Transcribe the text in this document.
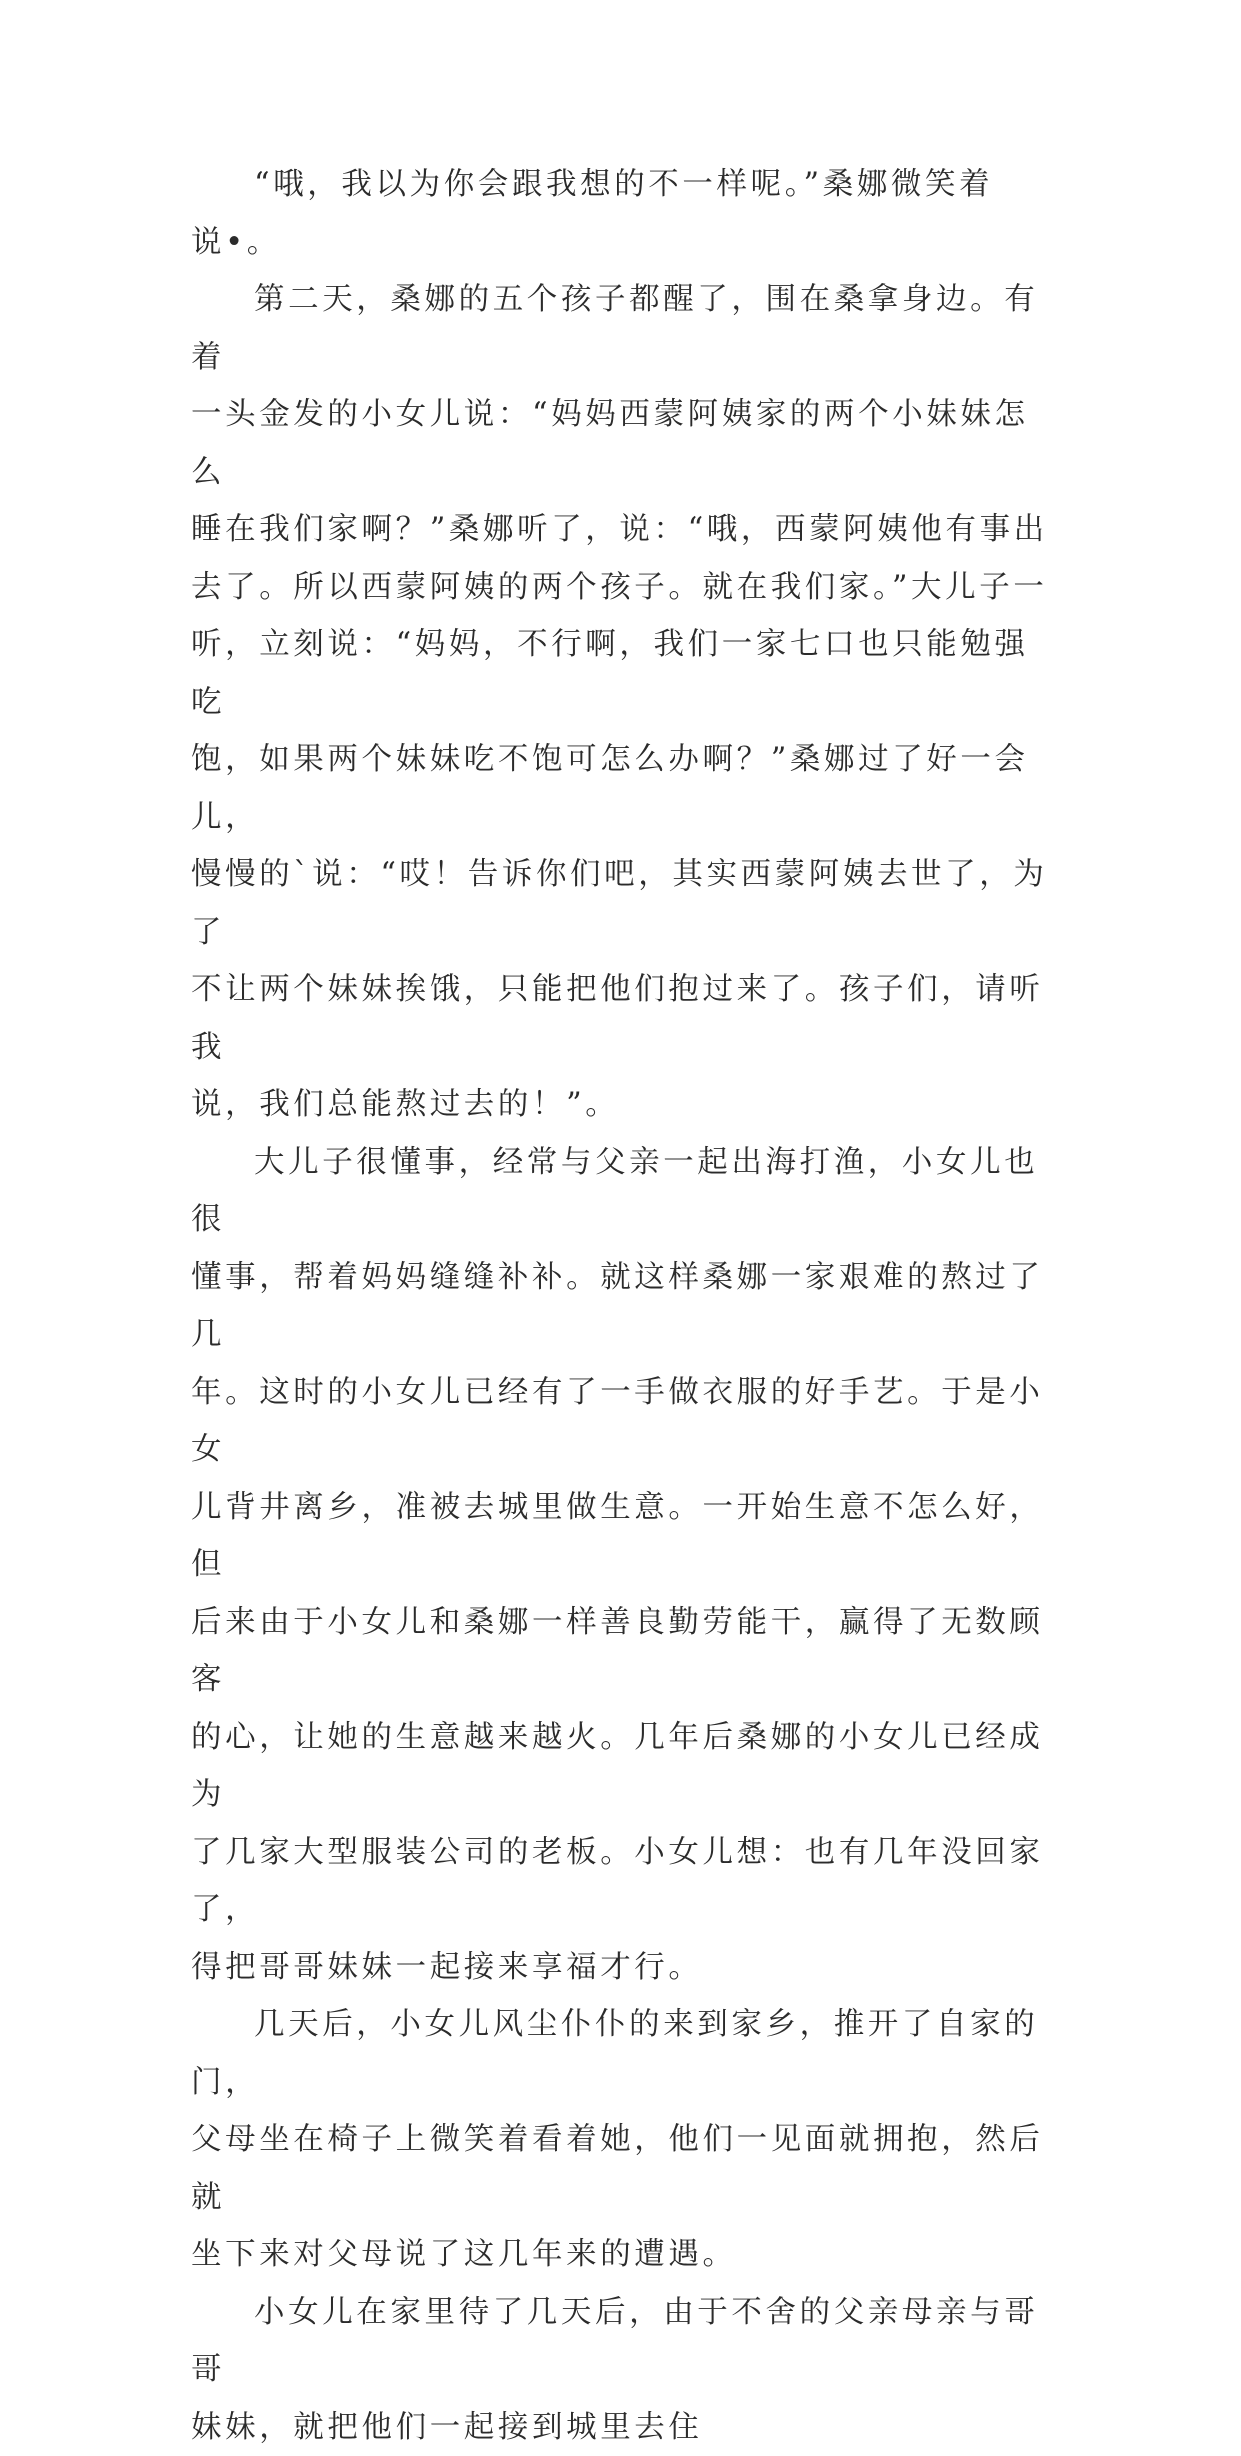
“哦，我以为你会跟我想的不一样呢。”桑娜微笑着
说•。

第二天，桑娜的五个孩子都醒了，围在桑拿身边。有着
一头金发的小女儿说：“妈妈西蒙阿姨家的两个小妹妹怎么
睡在我们家啊？”桑娜听了，说：“哦，西蒙阿姨他有事出
去了。所以西蒙阿姨的两个孩子。就在我们家。”大儿子一
听，立刻说：“妈妈，不行啊，我们一家七口也只能勉强吃
饱，如果两个妹妹吃不饱可怎么办啊？”桑娜过了好一会儿，
慢慢的`说：“哎！告诉你们吧，其实西蒙阿姨去世了，为了
不让两个妹妹挨饿，只能把他们抱过来了。孩子们，请听我
说，我们总能熬过去的！”。

大儿子很懂事，经常与父亲一起出海打渔，小女儿也很
懂事，帮着妈妈缝缝补补。就这样桑娜一家艰难的熬过了几
年。这时的小女儿已经有了一手做衣服的好手艺。于是小女
儿背井离乡，准被去城里做生意。一开始生意不怎么好，但
后来由于小女儿和桑娜一样善良勤劳能干，赢得了无数顾客
的心，让她的生意越来越火。几年后桑娜的小女儿已经成为
了几家大型服装公司的老板。小女儿想：也有几年没回家了，
得把哥哥妹妹一起接来享福才行。

几天后，小女儿风尘仆仆的来到家乡，推开了自家的门，
父母坐在椅子上微笑着看着她，他们一见面就拥抱，然后就
坐下来对父母说了这几年来的遭遇。

小女儿在家里待了几天后，由于不舍的父亲母亲与哥哥
妹妹，就把他们一起接到城里去住
